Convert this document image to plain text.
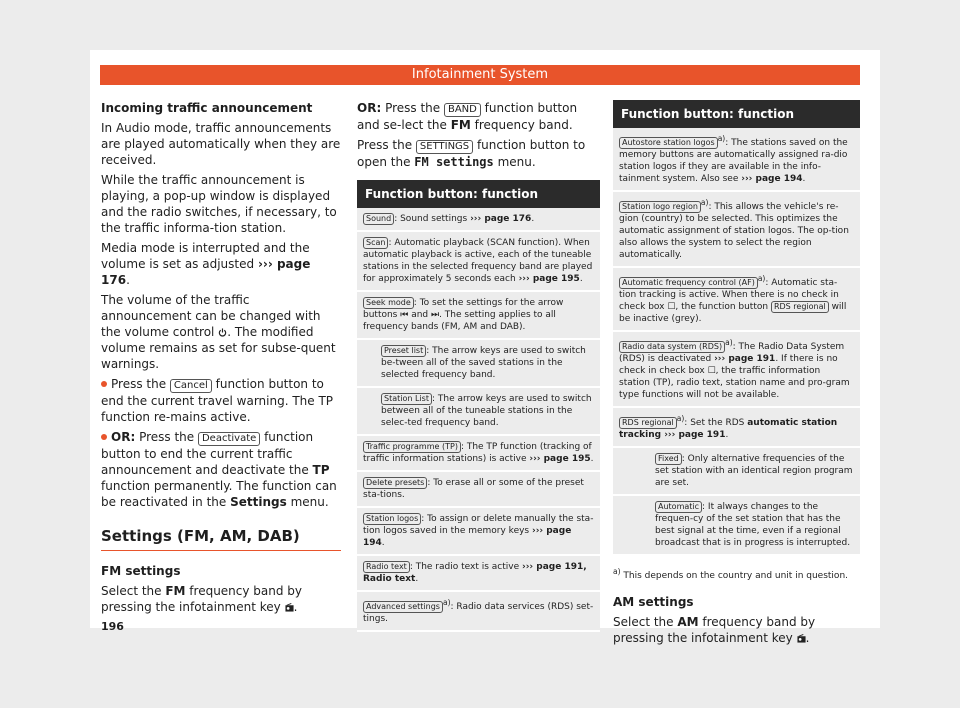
Infotainment System

Incoming traffic announcement

In Audio mode, traffic announcements are played automatically when they are received.

While the traffic announcement is playing, a pop-up window is displayed and the radio switches, if necessary, to the traffic informa-tion station.

Media mode is interrupted and the volume is set as adjusted ››› page 176.

The volume of the traffic announcement can be changed with the volume control . The modified volume remains as set for subse-quent warnings.

Press the Cancel function button to end the current travel warning. The TP function re-mains active.

OR: Press the Deactivate function button to end the current traffic announcement and deactivate the TP function permanently. The function can be reactivated in the Settings menu.

Settings (FM, AM, DAB)

FM settings

Select the FM frequency band by pressing the infotainment key .

OR: Press the BAND function button and se-lect the FM frequency band.

Press the SETTINGS function button to open the FM settings menu.

Function button: function
Sound : Sound settings ››› page 176.
Scan : Automatic playback (SCAN function). When automatic playback is active, each of the tuneable stations in the selected frequency band are played for approximately 5 seconds each ››› page 195.
Seek mode : To set the settings for the arrow buttons ⏮ and ⏭. The setting applies to all frequency bands (FM, AM and DAB).
Preset list : The arrow keys are used to switch be-tween all of the saved stations in the selected frequency band.
Station List : The arrow keys are used to switch between all of the tuneable stations in the selec-ted frequency band.
Traffic programme (TP) : The TP function (tracking of traffic information stations) is active ››› page 195.
Delete presets : To erase all or some of the preset sta-tions.
Station logos : To assign or delete manually the sta-tion logos saved in the memory keys ››› page 194.
Radio text : The radio text is active ››› page 191, Radio text.
Advanced settings $^{a)}$: Radio data services (RDS) set-tings.
Function button: function
Autostore station logos $^{a)}$: The stations saved on the memory buttons are automatically assigned ra-dio station logos if they are available in the info-tainment system. Also see ››› page 194.
Station logo region $^{a)}$: This allows the vehicle's re-gion (country) to be selected. This optimizes the automatic assignment of station logos. The op-tion also allows the system to select the region automatically.
Automatic frequency control (AF) $^{a)}$: Automatic sta-tion tracking is active. When there is no check in check box ☐, the function button RDS regional will be inactive (grey).
Radio data system (RDS) $^{a)}$: The Radio Data System (RDS) is deactivated ››› page 191. If there is no check in check box ☐, the traffic information station (TP), radio text, station name and pro-gram type functions will not be available.
RDS regional $^{a)}$: Set the RDS automatic station tracking ››› page 191.
Fixed : Only alternative frequencies of the set station with an identical region program are set.
Automatic : It always changes to the frequen-cy of the set station that has the best signal at the time, even if a regional broadcast that is in progress is interrupted.
$^{a)}$ This depends on the country and unit in question.

AM settings

Select the AM frequency band by pressing the infotainment key .

196
